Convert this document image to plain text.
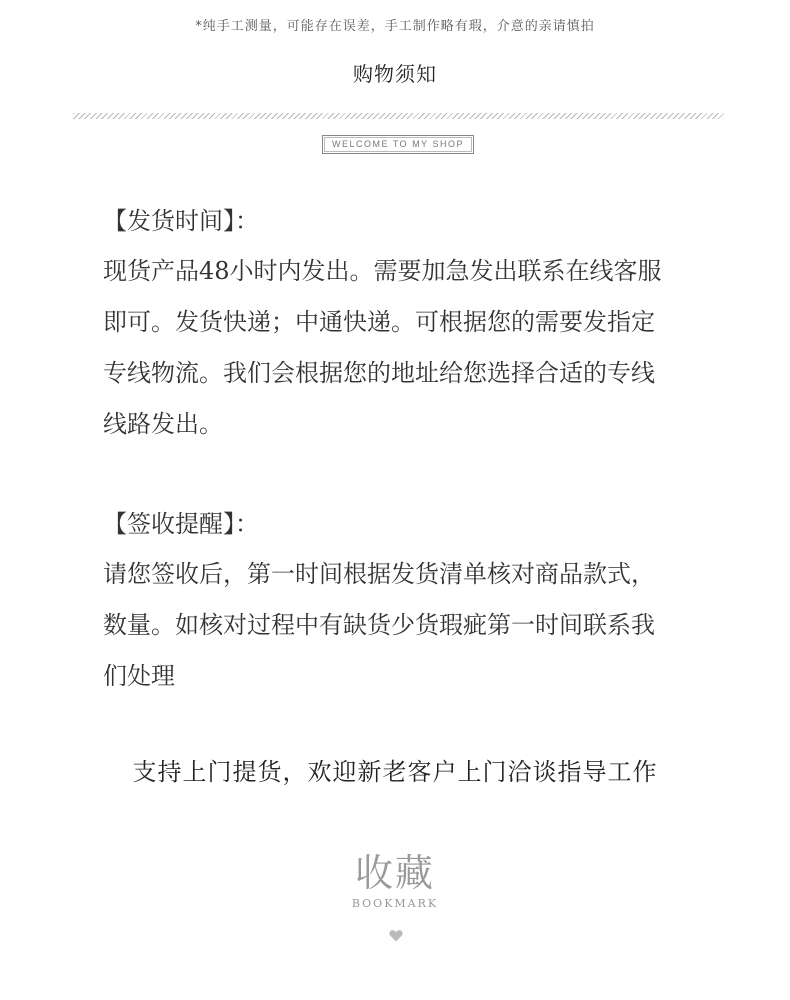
*纯手工测量，可能存在误差，手工制作略有瑕，介意的亲请慎拍
购物须知
WELCOME TO MY SHOP
【发货时间】：
现货产品48小时内发出。需要加急发出联系在线客服
即可。发货快递；中通快递。可根据您的需要发指定
专线物流。我们会根据您的地址给您选择合适的专线
线路发出。
【签收提醒】：
请您签收后，第一时间根据发货清单核对商品款式，
数量。如核对过程中有缺货少货瑕疵第一时间联系我
们处理
支持上门提货，欢迎新老客户上门洽谈指导工作
收藏
BOOKMARK
